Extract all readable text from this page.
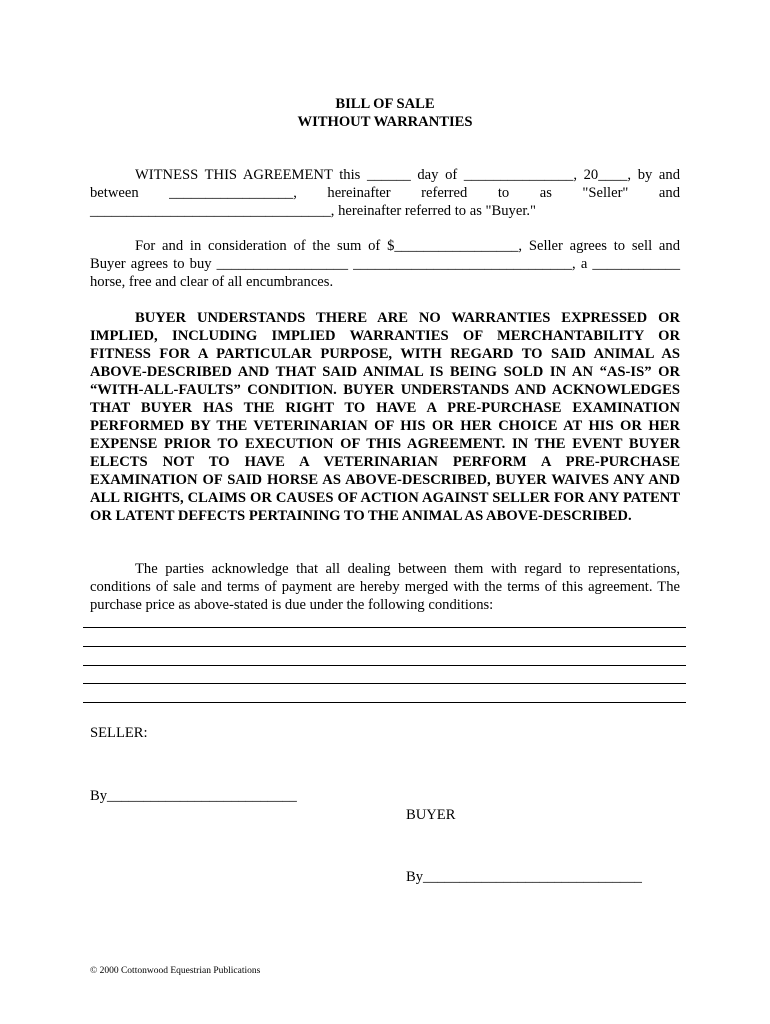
BILL OF SALE
WITHOUT WARRANTIES

WITNESS THIS AGREEMENT this ______ day of _______________, 20____, by and

between _________________, hereinafter referred to as "Seller" and

_________________________________, hereinafter referred to as "Buyer."

For and in consideration of the sum of $_________________, Seller agrees to sell and

Buyer agrees to buy __________________ ______________________________, a ____________

horse, free and clear of all encumbrances.

BUYER UNDERSTANDS THERE ARE NO WARRANTIES EXPRESSED OR IMPLIED, INCLUDING IMPLIED WARRANTIES OF MERCHANTABILITY OR FITNESS FOR A PARTICULAR PURPOSE, WITH REGARD TO SAID ANIMAL AS ABOVE-DESCRIBED AND THAT SAID ANIMAL IS BEING SOLD IN AN “AS-IS” OR “WITH-ALL-FAULTS” CONDITION. BUYER UNDERSTANDS AND ACKNOWLEDGES THAT BUYER HAS THE RIGHT TO HAVE A PRE-PURCHASE EXAMINATION PERFORMED BY THE VETERINARIAN OF HIS OR HER CHOICE AT HIS OR HER EXPENSE PRIOR TO EXECUTION OF THIS AGREEMENT. IN THE EVENT BUYER ELECTS NOT TO HAVE A VETERINARIAN PERFORM A PRE-PURCHASE EXAMINATION OF SAID HORSE AS ABOVE-DESCRIBED, BUYER WAIVES ANY AND ALL RIGHTS, CLAIMS OR CAUSES OF ACTION AGAINST SELLER FOR ANY PATENT OR LATENT DEFECTS PERTAINING TO THE ANIMAL AS ABOVE-DESCRIBED.

The parties acknowledge that all dealing between them with regard to representations, conditions of sale and terms of payment are hereby merged with the terms of this agreement. The purchase price as above-stated is due under the following conditions:

SELLER:
By__________________________
BUYER
By______________________________
© 2000 Cottonwood Equestrian Publications
